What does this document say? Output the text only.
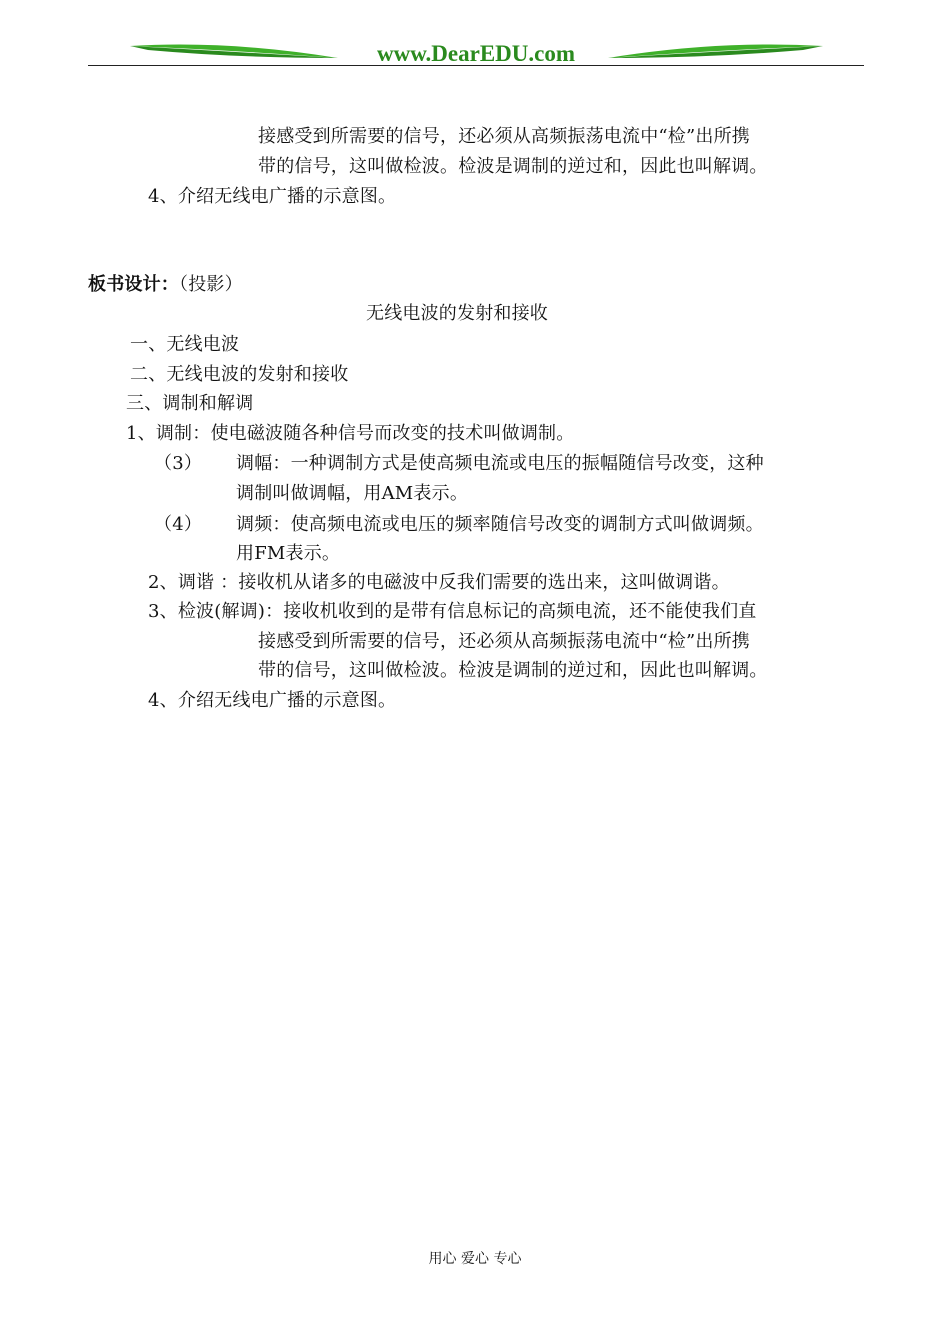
www.DearEDU.com
接感受到所需要的信号，还必须从高频振荡电流中“检”出所携
带的信号，这叫做检波。检波是调制的逆过和，因此也叫解调。
4、介绍无线电广播的示意图。
板书设计：（投影）
无线电波的发射和接收
一、无线电波
二、无线电波的发射和接收
三、调制和解调
1、调制：使电磁波随各种信号而改变的技术叫做调制。
（3） 调幅：一种调制方式是使高频电流或电压的振幅随信号改变，这种
调制叫做调幅，用AM表示。
（4） 调频：使高频电流或电压的频率随信号改变的调制方式叫做调频。
用FM表示。
2、调谐 ：接收机从诸多的电磁波中反我们需要的选出来，这叫做调谐。
3、检波(解调)：接收机收到的是带有信息标记的高频电流，还不能使我们直
接感受到所需要的信号，还必须从高频振荡电流中“检”出所携
带的信号，这叫做检波。检波是调制的逆过和，因此也叫解调。
4、介绍无线电广播的示意图。
用心 爱心 专心
